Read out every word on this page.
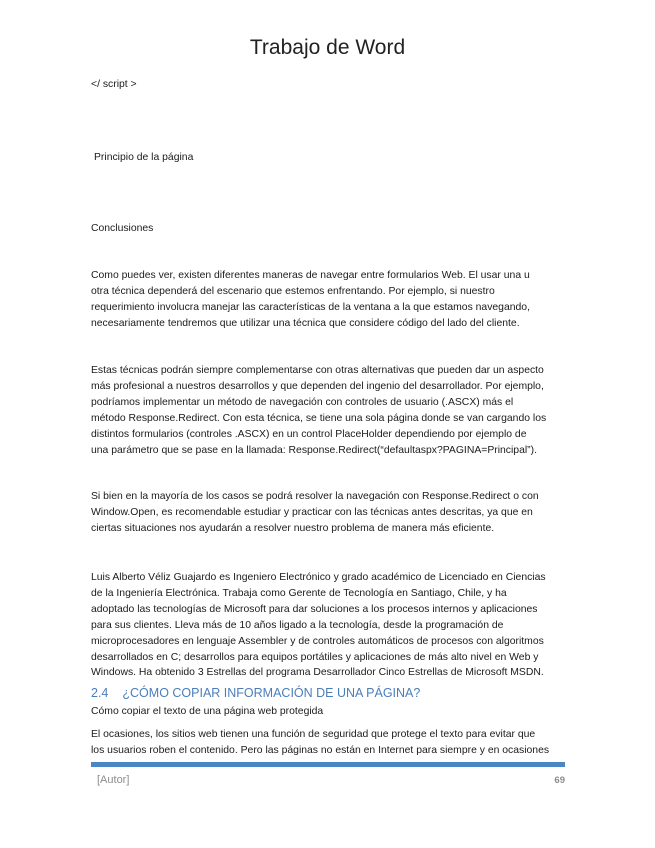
Trabajo de Word
</ script >
Principio de la página
Conclusiones
Como puedes ver, existen diferentes maneras de navegar entre formularios Web. El usar una u
otra técnica dependerá del escenario que estemos enfrentando. Por ejemplo, si nuestro
requerimiento involucra manejar las características de la ventana a la que estamos navegando,
necesariamente tendremos que utilizar una técnica que considere código del lado del cliente.
Estas técnicas podrán siempre complementarse con otras alternativas que pueden dar un aspecto
más profesional a nuestros desarrollos y que dependen del ingenio del desarrollador. Por ejemplo,
podríamos implementar un método de navegación con controles de usuario (.ASCX) más el
método Response.Redirect. Con esta técnica, se tiene una sola página donde se van cargando los
distintos formularios (controles .ASCX) en un control PlaceHolder dependiendo por ejemplo de
una parámetro que se pase en la llamada: Response.Redirect(“defaultaspx?PAGINA=Principal”).
Si bien en la mayoría de los casos se podrá resolver la navegación con Response.Redirect o con
Window.Open, es recomendable estudiar y practicar con las técnicas antes descritas, ya que en
ciertas situaciones nos ayudarán a resolver nuestro problema de manera más eficiente.
Luis Alberto Véliz Guajardo es Ingeniero Electrónico y grado académico de Licenciado en Ciencias
de la Ingeniería Electrónica. Trabaja como Gerente de Tecnología en Santiago, Chile, y ha
adoptado las tecnologías de Microsoft para dar soluciones a los procesos internos y aplicaciones
para sus clientes. Lleva más de 10 años ligado a la tecnología, desde la programación de
microprocesadores en lenguaje Assembler y de controles automáticos de procesos con algoritmos
desarrollados en C; desarrollos para equipos portátiles y aplicaciones de más alto nivel en Web y
Windows. Ha obtenido 3 Estrellas del programa Desarrollador Cinco Estrellas de Microsoft MSDN.
2.4 ¿CÓMO COPIAR INFORMACIÓN DE UNA PÁGINA?
Cómo copiar el texto de una página web protegida
El ocasiones, los sitios web tienen una función de seguridad que protege el texto para evitar que
los usuarios roben el contenido. Pero las páginas no están en Internet para siempre y en ocasiones
[Autor]	69
